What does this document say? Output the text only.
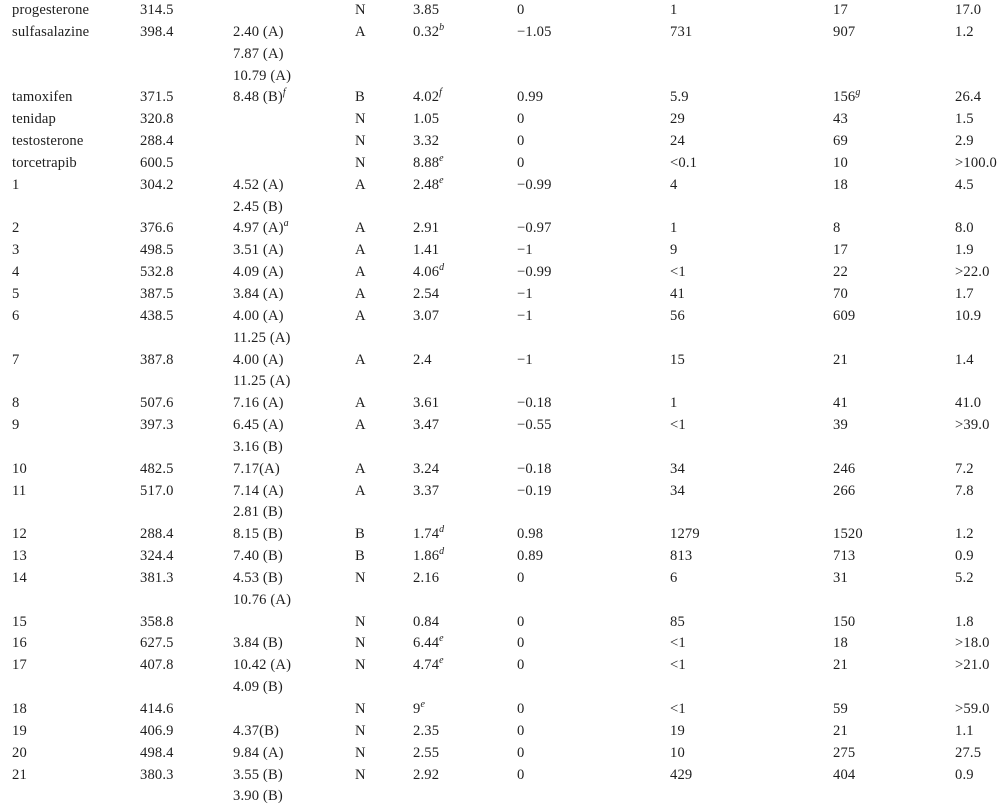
progesterone	314.5		N	3.85	0	1	17	17.0
sulfasalazine	398.4	2.40 (A)	A	0.32$^b$	−1.05	731	907	1.2
		7.87 (A)						
		10.79 (A)						
tamoxifen	371.5	8.48 $(B)^f$	B	4.02$^f$	0.99	5.9	156$^g$	26.4
tenidap	320.8		N	1.05	0	29	43	1.5
testosterone	288.4		N	3.32	0	24	69	2.9
torcetrapib	600.5		N	8.88e	0	<0.1	10	>100.0
1	304.2	4.52 (A)	A	2.48$^e$	−0.99	4	18	4.5
		2.45 (B)						
2	376.6	4.97 $(A)^a$	A	2.91	−0.97	1	8	8.0
3	498.5	3.51 (A)	A	1.41	−1	9	17	1.9
4	532.8	4.09 (A)	A	4.06$^d$	−0.99	<1	22	>22.0
5	387.5	3.84 (A)	A	2.54	−1	41	70	1.7
6	438.5	4.00 (A)	A	3.07	−1	56	609	10.9
		11.25 (A)						
7	387.8	4.00 (A)	A	2.4	−1	15	21	1.4
		11.25 (A)						
8	507.6	7.16 (A)	A	3.61	−0.18	1	41	41.0
9	397.3	6.45 (A)	A	3.47	−0.55	<1	39	>39.0
		3.16 (B)						
10	482.5	7.17(A)	A	3.24	−0.18	34	246	7.2
11	517.0	7.14 (A)	A	3.37	−0.19	34	266	7.8
		2.81 (B)						
12	288.4	8.15 (B)	B	1.74$^d$	0.98	1279	1520	1.2
13	324.4	7.40 (B)	B	1.86$^d$	0.89	813	713	0.9
14	381.3	4.53 (B)	N	2.16	0	6	31	5.2
		10.76 (A)						
15	358.8		N	0.84	0	85	150	1.8
16	627.5	3.84 (B)	N	6.44e	0	<1	18	>18.0
17	407.8	10.42 (A)	N	4.74e	0	<1	21	>21.0
		4.09 (B)						
18	414.6		N	9e	0	<1	59	>59.0
19	406.9	4.37(B)	N	2.35	0	19	21	1.1
20	498.4	9.84 (A)	N	2.55	0	10	275	27.5
21	380.3	3.55 (B)	N	2.92	0	429	404	0.9
		3.90 (B)						
